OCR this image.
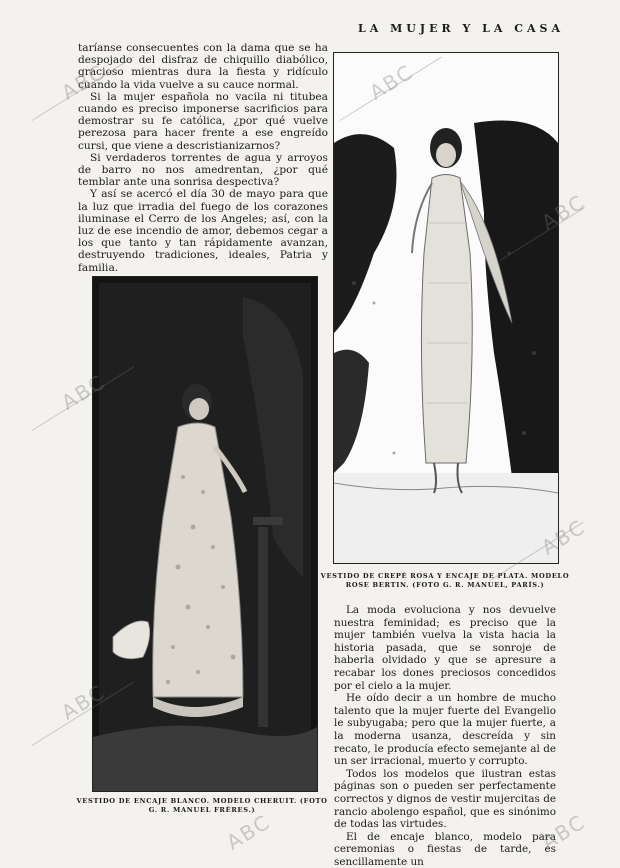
LA MUJER Y LA CASA

taríanse consecuentes con la dama que se ha despojado del disfraz de chiquillo diabólico, gracioso mientras dura la fiesta y ridículo cuando la vida vuelve a su cauce normal.

Si la mujer española no vacila ni titubea cuando es preciso imponerse sacrificios para demostrar su fe católica, ¿por qué vuelve perezosa para hacer frente a ese engreído cursi, que viene a descristianizarnos?

Si verdaderos torrentes de agua y arroyos de barro no nos amedrentan, ¿por qué temblar ante una sonrisa despectiva?

Y así se acercó el día 30 de mayo para que la luz que irradia del fuego de los corazones iluminase el Cerro de los Angeles; así, con la luz de ese incendio de amor, debemos cegar a los que tanto y tan rápidamente avanzan, destruyendo tradiciones, ideales, Patria y familia.

VESTIDO DE CREPÉ ROSA Y ENCAJE DE PLATA. MODELO ROSE BERTIN. (FOTO G. R. MANUEL, PARÍS.)
VESTIDO DE ENCAJE BLANCO. MODELO CHERUIT. (FOTO G. R. MANUEL FRÈRES.)

La moda evoluciona y nos devuelve nuestra feminidad; es preciso que la mujer también vuelva la vista hacia la historia pasada, que se sonroje de haberla olvidado y que se apresure a recabar los dones preciosos concedidos por el cielo a la mujer.

He oído decir a un hombre de mucho talento que la mujer fuerte del Evangelio le subyugaba; pero que la mujer fuerte, a la moderna usanza, descreída y sin recato, le producía efecto semejante al de un ser irracional, muerto y corrupto.

Todos los modelos que ilustran estas páginas son o pueden ser perfectamente correctos y dignos de vestir mujercitas de rancio abolengo español, que es sinónimo de todas las virtudes.

El de encaje blanco, modelo para ceremonias o fiestas de tarde, es sencillamente un

ABC	ABC
ABC
ABC
ABC
ABC
ABC	ABC
